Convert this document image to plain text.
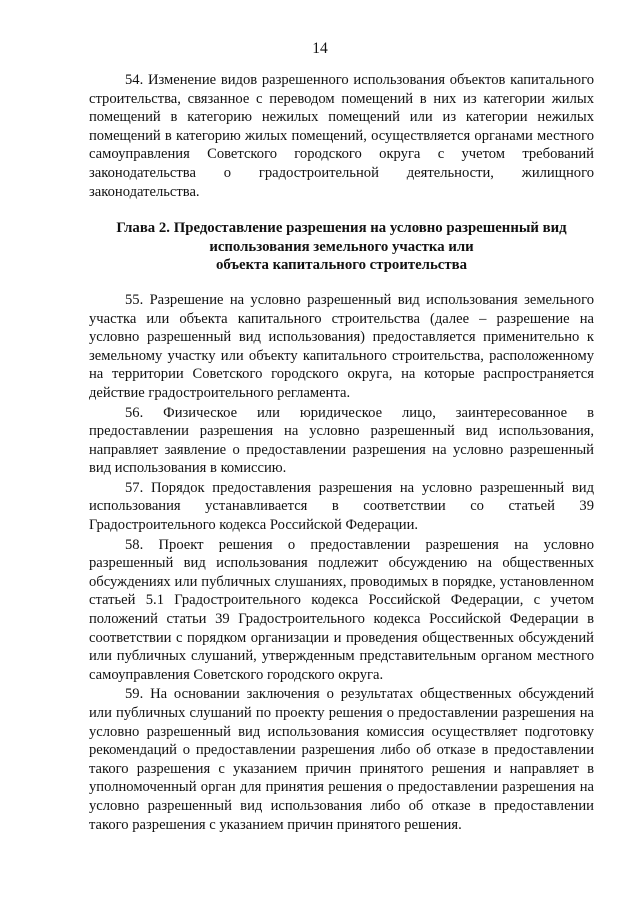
14

54. Изменение видов разрешенного использования объектов капитального строительства, связанное с переводом помещений в них из категории жилых помещений в категорию нежилых помещений или из категории нежилых помещений в категорию жилых помещений, осуществляется органами местного самоуправления Советского городского округа с учетом требований законодательства о градостроительной деятельности, жилищного законодательства.

Глава 2. Предоставление разрешения на условно разрешенный вид
использования земельного участка или
объекта капитального строительства

55. Разрешение на условно разрешенный вид использования земельного участка или объекта капитального строительства (далее – разрешение на условно разрешенный вид использования) предоставляется применительно к земельному участку или объекту капитального строительства, расположенному на территории Советского городского округа, на которые распространяется действие градостроительного регламента.

56. Физическое или юридическое лицо, заинтересованное в предоставлении разрешения на условно разрешенный вид использования, направляет заявление о предоставлении разрешения на условно разрешенный вид использования в комиссию.

57. Порядок предоставления разрешения на условно разрешенный вид использования устанавливается в соответствии со статьей 39 Градостроительного кодекса Российской Федерации.

58. Проект решения о предоставлении разрешения на условно разрешенный вид использования подлежит обсуждению на общественных обсуждениях или публичных слушаниях, проводимых в порядке, установленном статьей 5.1 Градостроительного кодекса Российской Федерации, с учетом положений статьи 39 Градостроительного кодекса Российской Федерации в соответствии с порядком организации и проведения общественных обсуждений или публичных слушаний, утвержденным представительным органом местного самоуправления Советского городского округа.

59. На основании заключения о результатах общественных обсуждений или публичных слушаний по проекту решения о предоставлении разрешения на условно разрешенный вид использования комиссия осуществляет подготовку рекомендаций о предоставлении разрешения либо об отказе в предоставлении такого разрешения с указанием причин принятого решения и направляет в уполномоченный орган для принятия решения о предоставлении разрешения на условно разрешенный вид использования либо об отказе в предоставлении такого разрешения с указанием причин принятого решения.
